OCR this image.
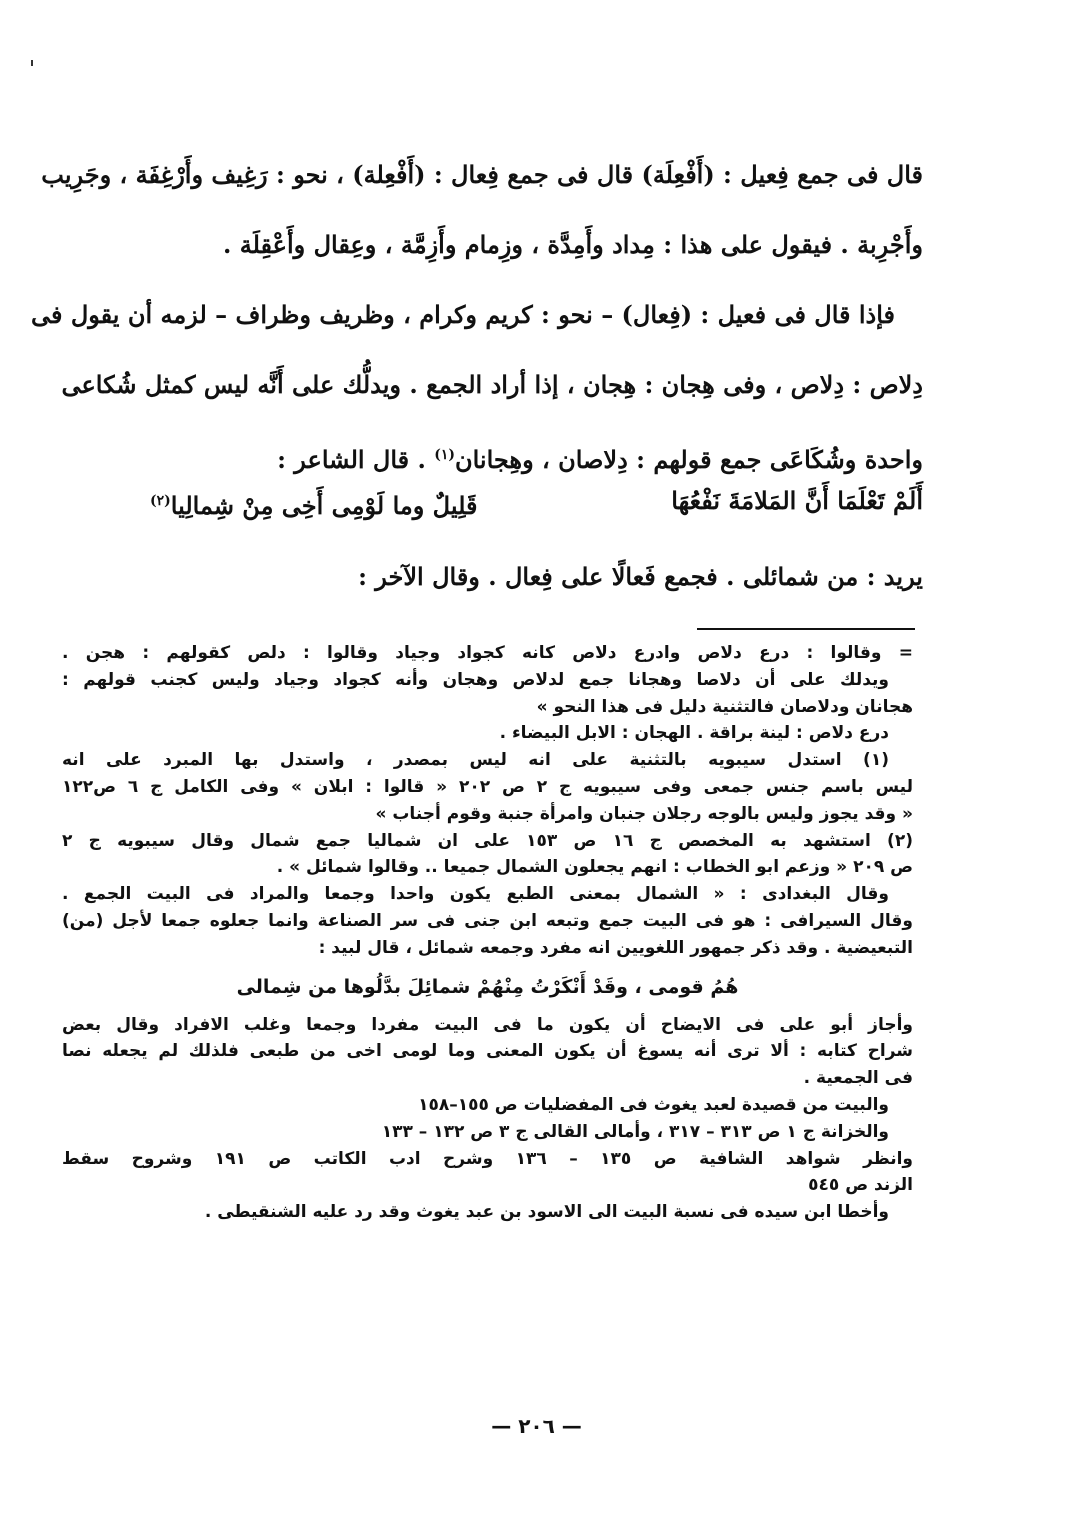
قال فى جمع فِعيل : (أَفْعِلَة) قال فى جمع فِعال : (أَفْعِلة) ، نحو : رَغِيف وأَرْغِفَة ، وجَرِيب
وأَجْرِبة . فيقول على هذا : مِداد وأَمِدَّة ، وزِمام وأَزِمَّة ، وعِقال وأَعْقِلَة .
فإذا قال فى فعيل : (فِعال) – نحو : كريم وكرام ، وظريف وظراف – لزمه أن يقول فى
دِلاص : دِلاص ، وفى هِجان : هِجان ، إذا أراد الجمع . ويدلُّك على أَنَّه ليس كمثل شُكاعى
واحدة وشُكَاعَى جمع قولهم : دِلاصان ، وهِجانان$^{(١)}$ . قال الشاعر :
أَلَمْ تَعْلَمَا أَنَّ المَلامَةَ نَفْعُهَا
قَلِيلٌ وما لَوْمِى أَخِى مِنْ شِمالِيا$^{(٢)}$
يريد : من شمائلى . فجمع فَعالًا على فِعال . وقال الآخر :
= وقالوا : درع دلاص وادرع دلاص كانه كجواد وجياد وقالوا : دلص كقولهم : هجن .
ويدلك على أن دلاصا وهجانا جمع لدلاص وهجان وأنه كجواد وجياد وليس كجنب قولهم :
هجانان ودلاصان فالتثنية دليل فى هذا النحو »
درع دلاص : لينة براقة . الهجان : الابل البيضاء .
(١) استدل سيبويه بالتثنية على انه ليس بمصدر ، واستدل بها المبرد على انه
ليس باسم جنس جمعى وفى سيبويه ج ٢ ص ٢٠٢ « قالوا : ابلان » وفى الكامل ج ٦ ص١٢٢
« وقد يجوز وليس بالوجه رجلان جنبان وامرأة جنبة وقوم أجناب »
(٢) استشهد به المخصص ج ١٦ ص ١٥٣ على ان شماليا جمع شمال وقال سيبويه ج ٢
ص ٢٠٩ « وزعم ابو الخطاب : انهم يجعلون الشمال جميعا .. وقالوا شمائل » .
وقال البغدادى : « الشمال بمعنى الطبع يكون واحدا وجمعا والمراد فى البيت الجمع .
وقال السيرافى : هو فى البيت جمع وتبعه ابن جنى فى سر الصناعة وانما جعلوه جمعا لأجل (من)
التبعيضية . وقد ذكر جمهور اللغويين انه مفرد وجمعه شمائل ، قال لبيد :
هُمُ قومى ، وقَدْ أَنْكَرْتُ مِنْهُمْ شمائِلَ بدَّلُوها من شِمالى
وأجاز أبو على فى الايضاح أن يكون ما فى البيت مفردا وجمعا وغلب الافراد وقال بعض
شراح كتابه : ألا ترى أنه يسوغ أن يكون المعنى وما لومى اخى من طبعى فلذلك لم يجعله نصا
فى الجمعية .
والبيت من قصيدة لعبد يغوث فى المفضليات ص ١٥٥–١٥٨
والخزانة ج ١ ص ٣١٣ – ٣١٧ ، وأمالى القالى ج ٣ ص ١٣٢ – ١٣٣
وانظر شواهد الشافية ص ١٣٥ – ١٣٦ وشرح ادب الكاتب ص ١٩١ وشروح سقط
الزند ص ٥٤٥
وأخطا ابن سيده فى نسبة البيت الى الاسود بن عبد يغوث وقد رد عليه الشنقيطى .
— ٢٠٦ —
